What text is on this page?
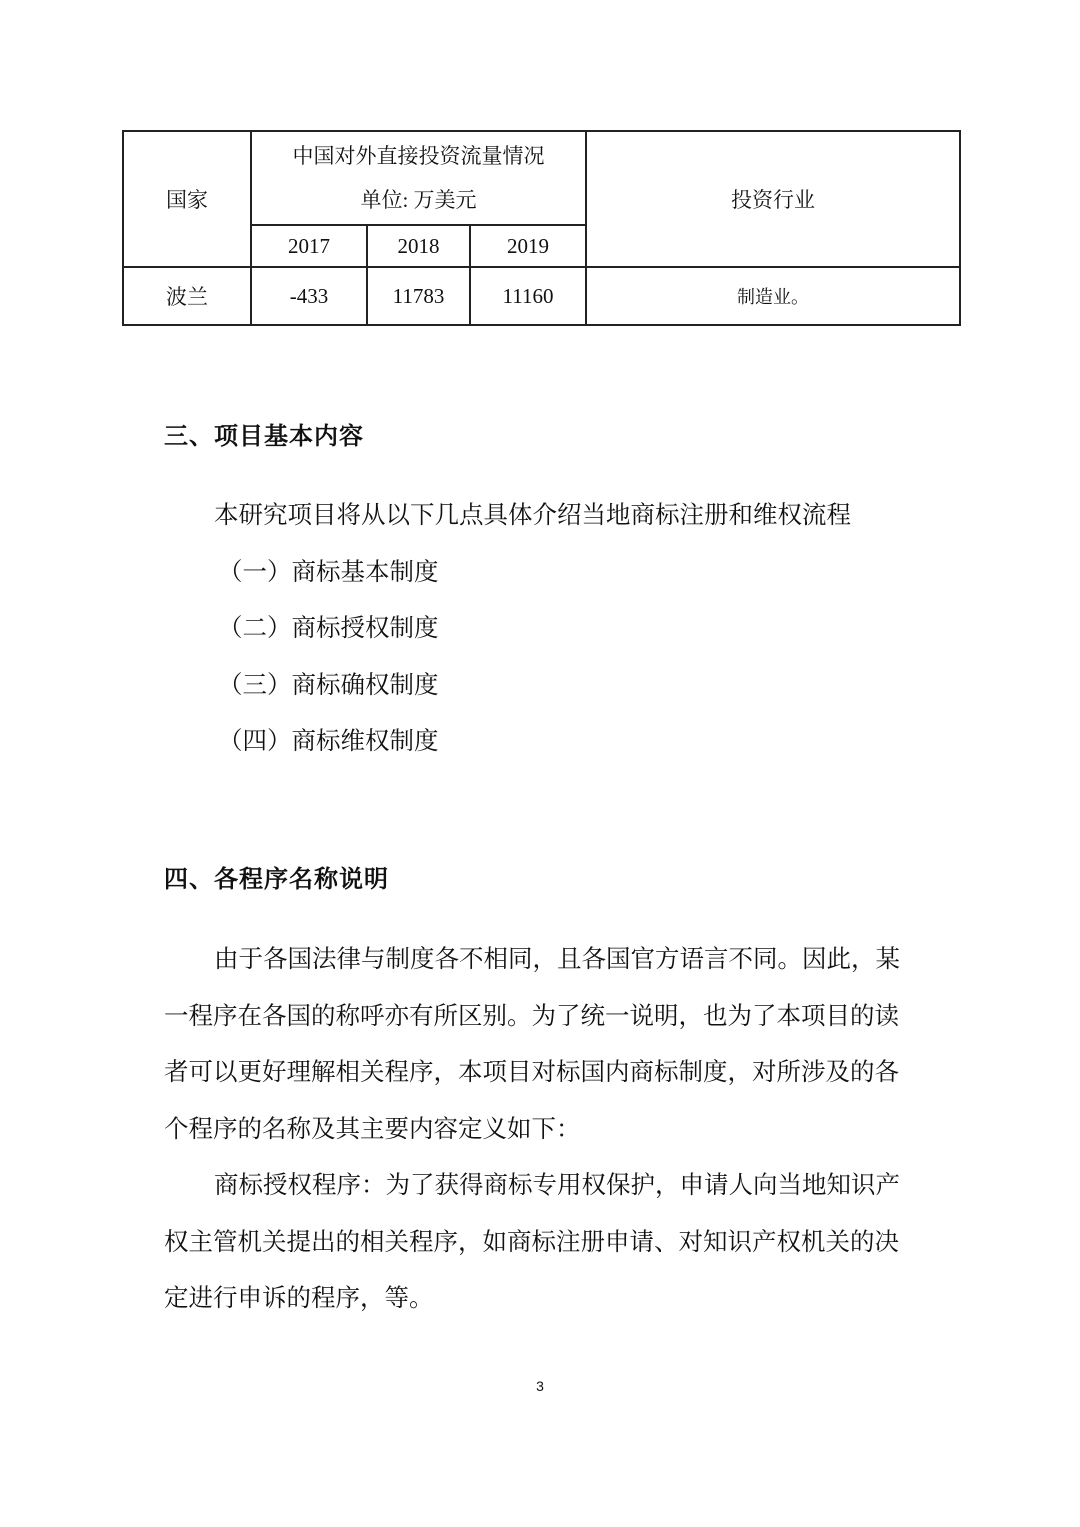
国家	中国对外直接投资流量情况
单位: 万美元			投资行业
	2017	2018	2019	
波兰	-433	11783	11160	制造业。
三、项目基本内容

本研究项目将从以下几点具体介绍当地商标注册和维权流程

（一）商标基本制度

（二）商标授权制度

（三）商标确权制度

（四）商标维权制度

四、各程序名称说明

由于各国法律与制度各不相同，且各国官方语言不同。因此，某

一程序在各国的称呼亦有所区别。为了统一说明，也为了本项目的读

者可以更好理解相关程序，本项目对标国内商标制度，对所涉及的各

个程序的名称及其主要内容定义如下：

商标授权程序：为了获得商标专用权保护，申请人向当地知识产

权主管机关提出的相关程序，如商标注册申请、对知识产权机关的决

定进行申诉的程序，等。

3
